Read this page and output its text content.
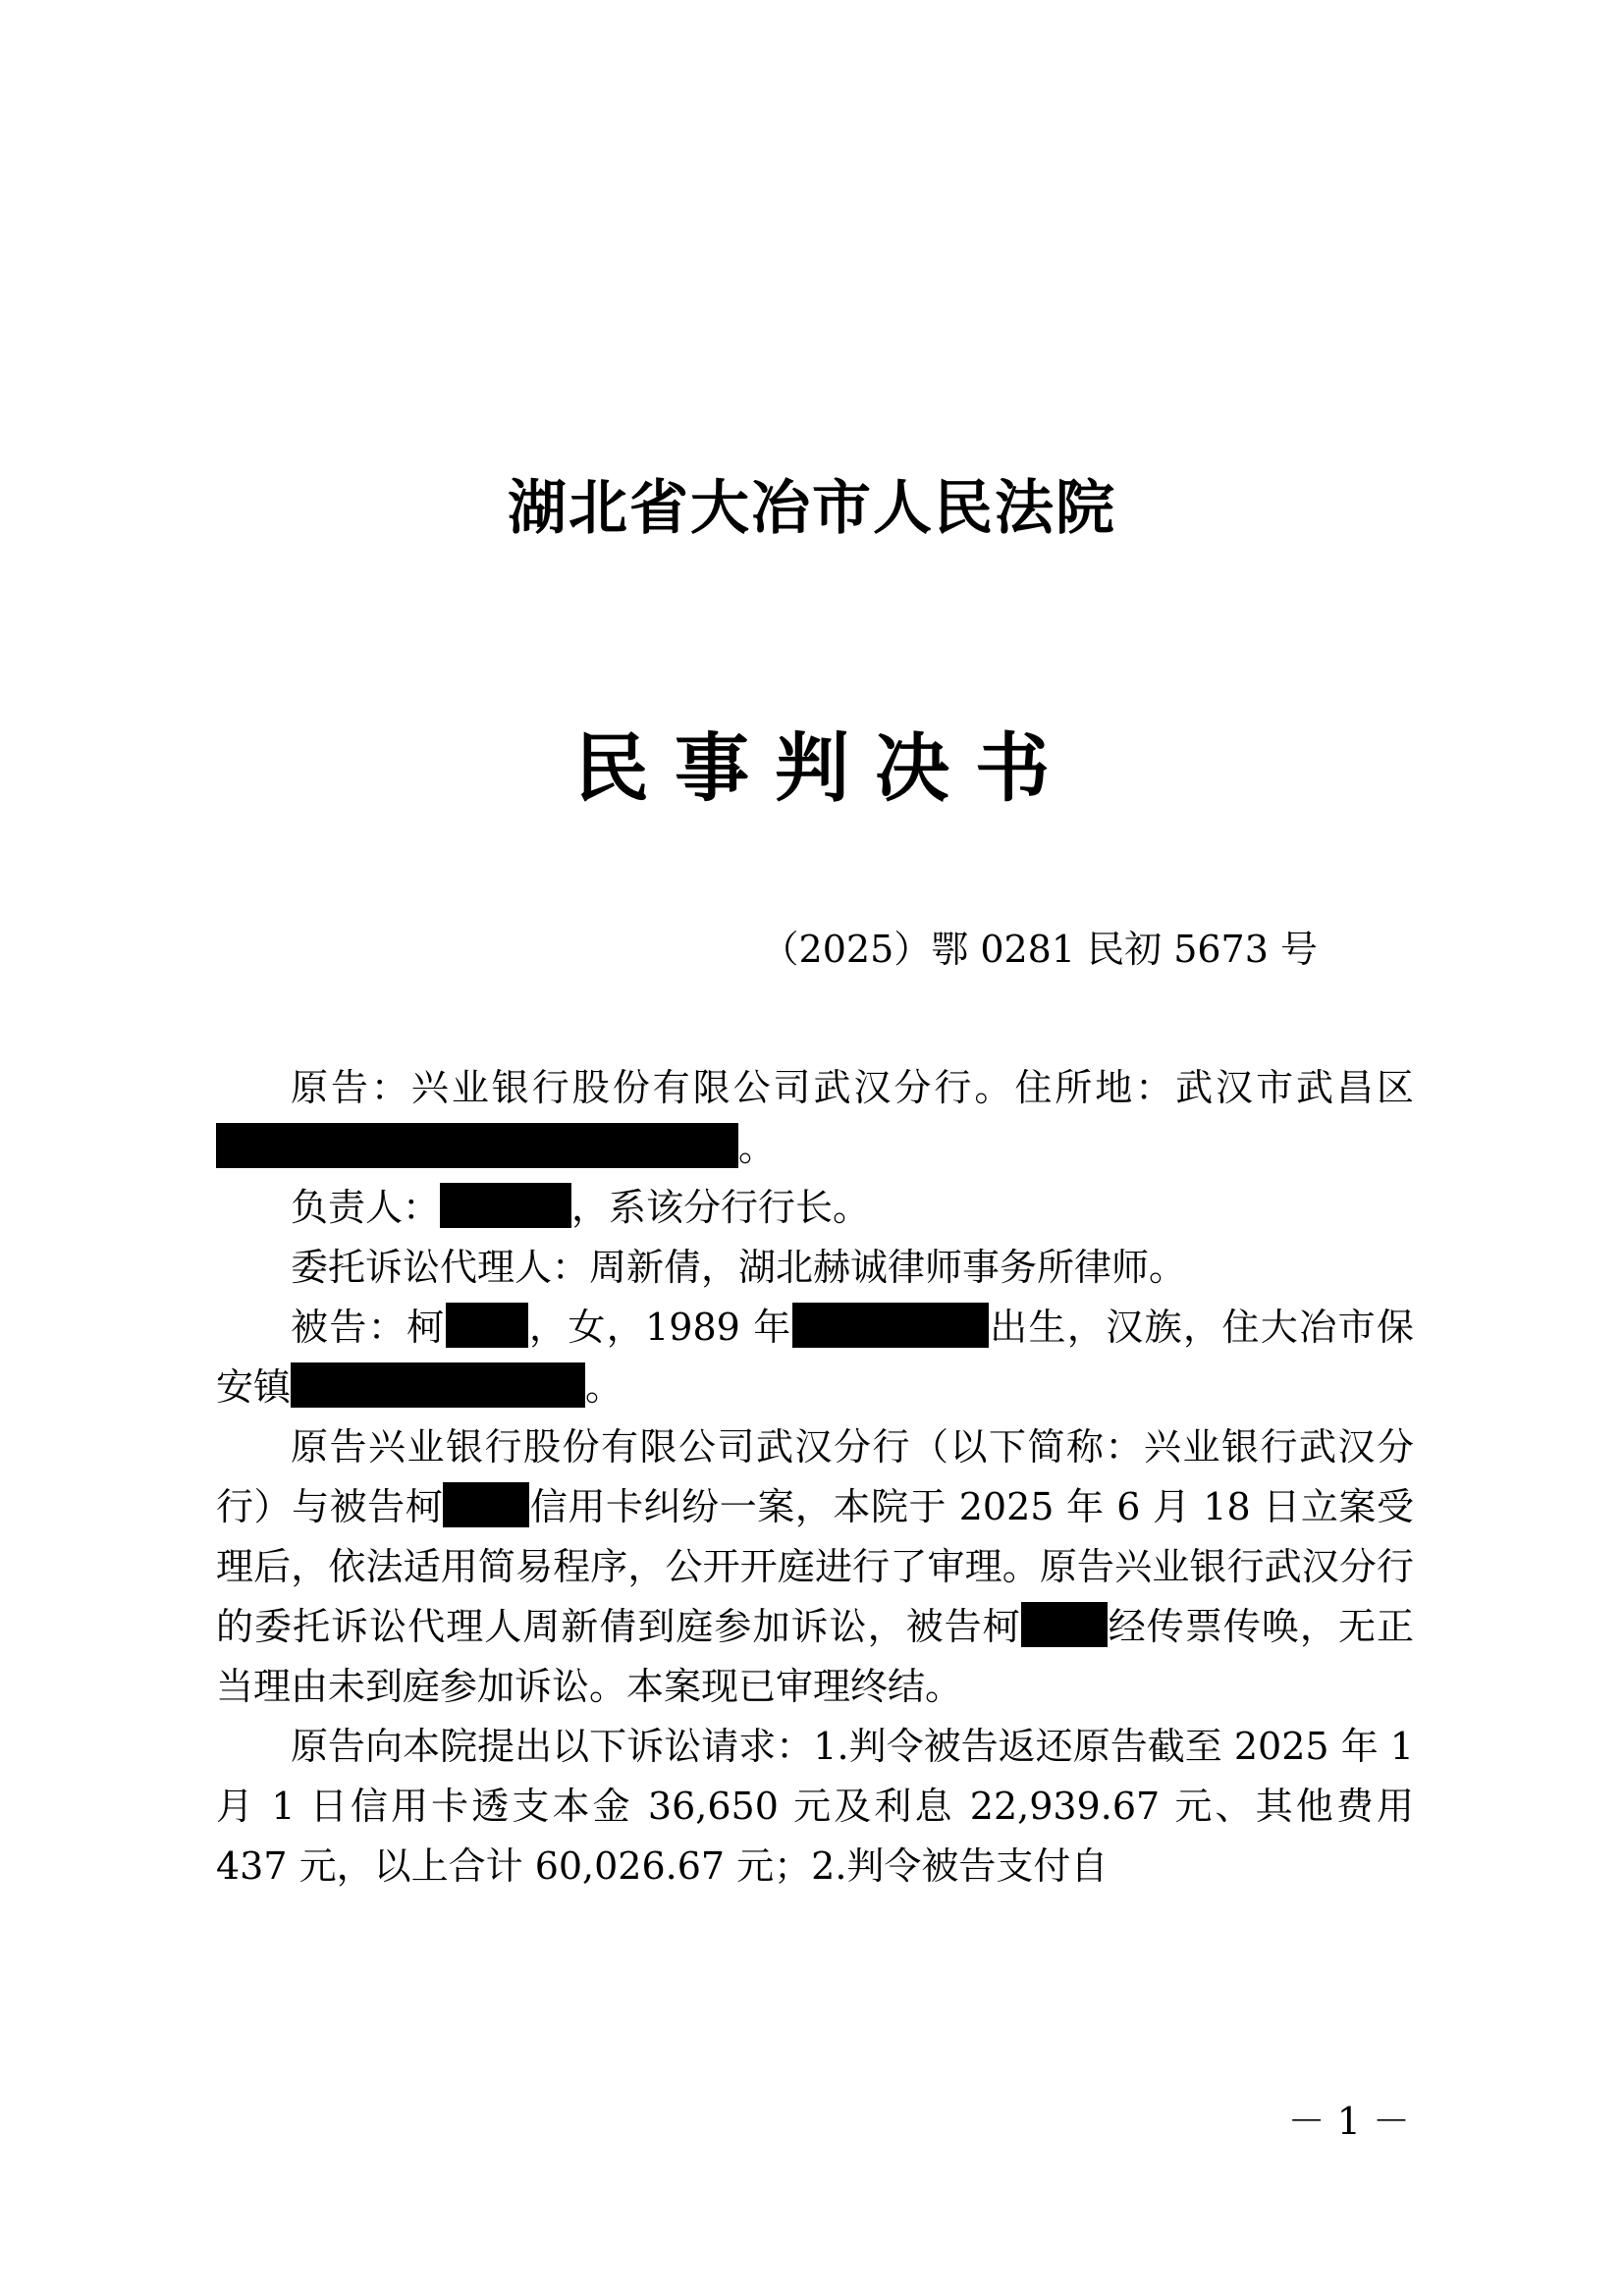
湖北省大冶市人民法院
民事判决书
（2025）鄂 0281 民初 5673 号

原告：兴业银行股份有限公司武汉分行。住所地：武汉市武昌区。

负责人：	，系该分行行长。

委托诉讼代理人：周新倩，湖北赫诚律师事务所律师。

被告：柯 ，女，1989 年	出生，汉族，住大冶市保安镇	。

原告兴业银行股份有限公司武汉分行（以下简称：兴业银行武汉分行）与被告柯 信用卡纠纷一案，本院于 2025 年 6 月 18 日立案受理后，依法适用简易程序，公开开庭进行了审理。原告兴业银行武汉分行的委托诉讼代理人周新倩到庭参加诉讼，被告柯 经传票传唤，无正当理由未到庭参加诉讼。本案现已审理终结。

原告向本院提出以下诉讼请求：1.判令被告返还原告截至 2025 年 1 月 1 日信用卡透支本金 36,650 元及利息 22,939.67 元、其他费用 437 元，以上合计 60,026.67 元；2.判令被告支付自

－ 1 －
